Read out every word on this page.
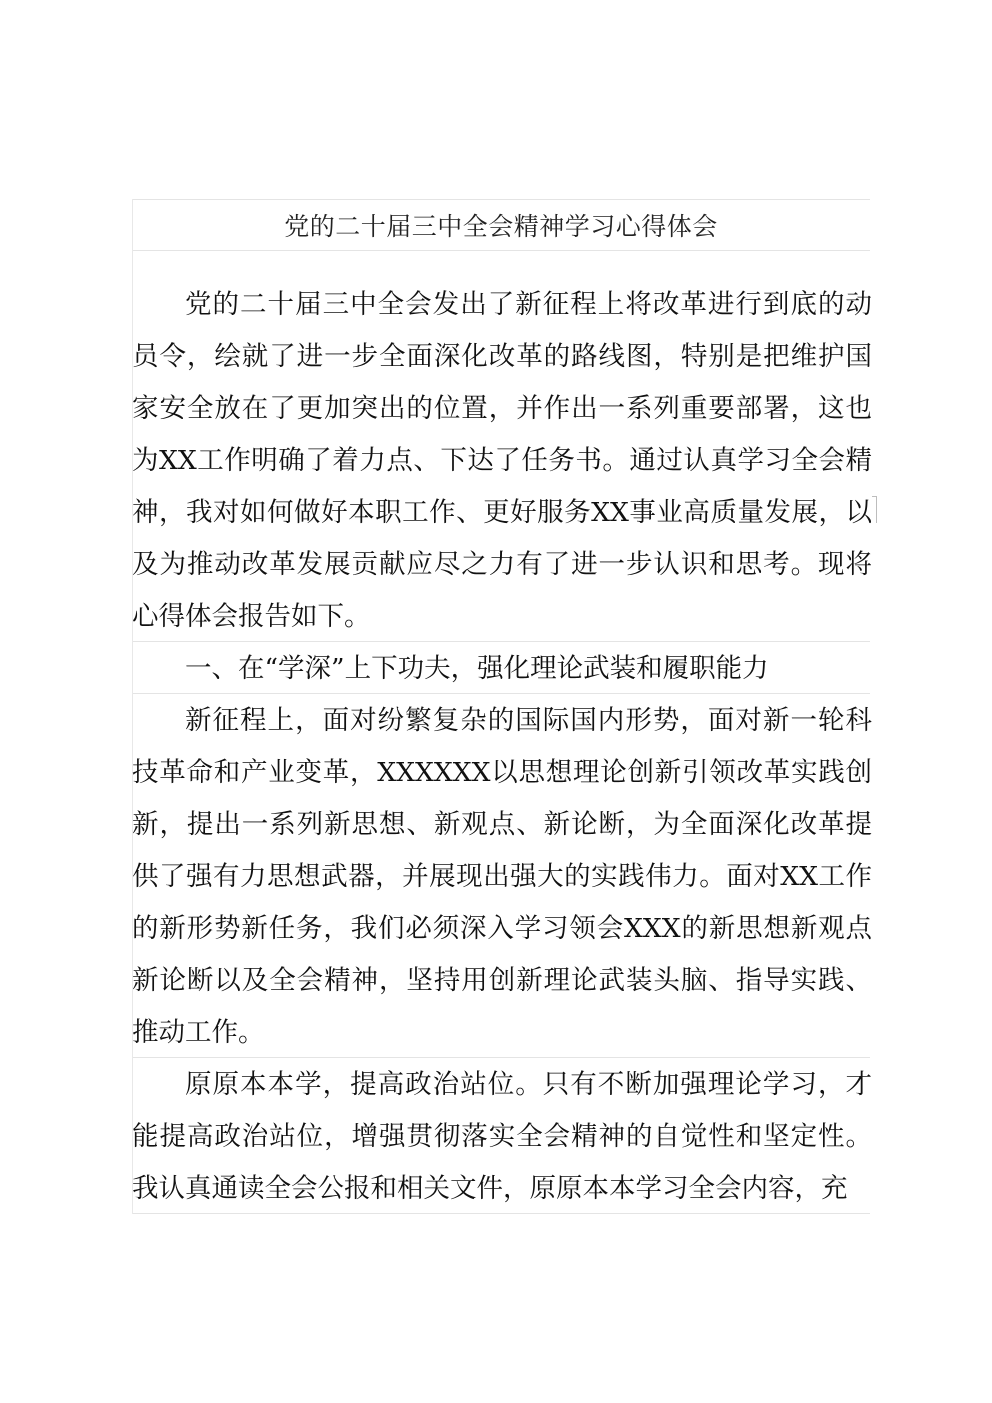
党的二十届三中全会精神学习心得体会

党的二十届三中全会发出了新征程上将改革进行到底的动员令，绘就了进一步全面深化改革的路线图，特别是把维护国家安全放在了更加突出的位置，并作出一系列重要部署，这也为XX工作明确了着力点、下达了任务书。通过认真学习全会精神，我对如何做好本职工作、更好服务XX事业高质量发展，以及为推动改革发展贡献应尽之力有了进一步认识和思考。现将心得体会报告如下。

一、在“学深”上下功夫，强化理论武装和履职能力

新征程上，面对纷繁复杂的国际国内形势，面对新一轮科技革命和产业变革，XXXXXX以思想理论创新引领改革实践创新，提出一系列新思想、新观点、新论断，为全面深化改革提供了强有力思想武器，并展现出强大的实践伟力。面对XX工作的新形势新任务，我们必须深入学习领会XXX的新思想新观点新论断以及全会精神，坚持用创新理论武装头脑、指导实践、推动工作。

原原本本学，提高政治站位。只有不断加强理论学习，才能提高政治站位，增强贯彻落实全会精神的自觉性和坚定性。我认真通读全会公报和相关文件，原原本本学习全会内容，充
